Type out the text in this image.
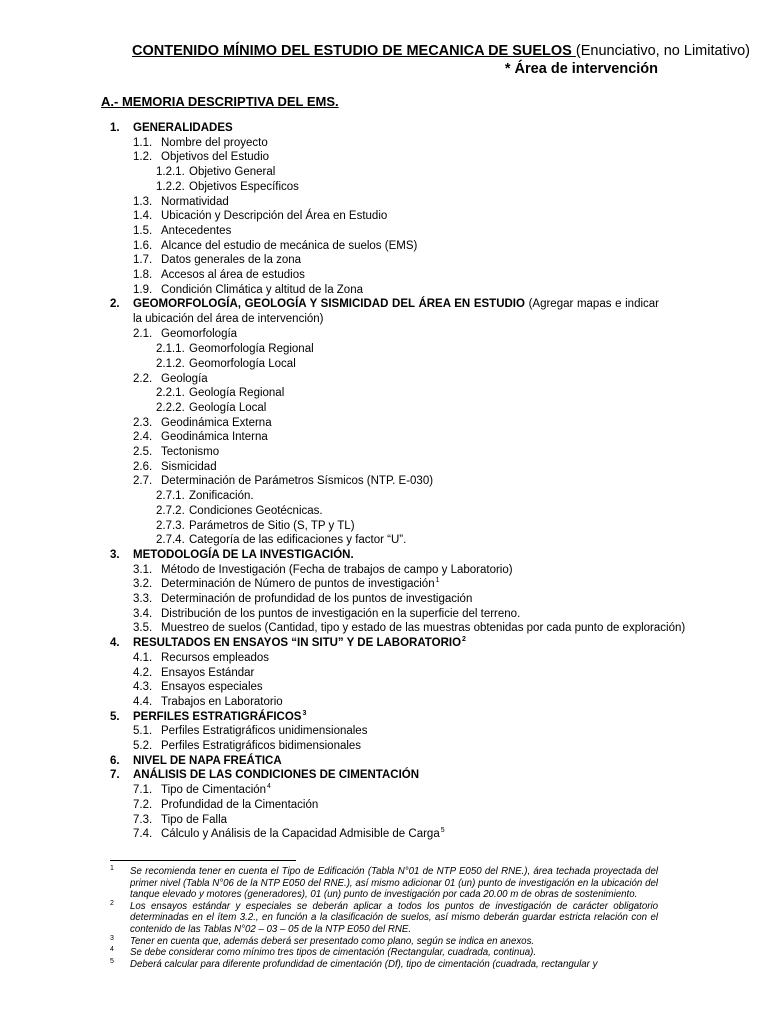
CONTENIDO MÍNIMO DEL ESTUDIO DE MECANICA DE SUELOS (Enunciativo, no Limitativo)
* Área de intervención
A.- MEMORIA DESCRIPTIVA DEL EMS.
1. GENERALIDADES
1.1. Nombre del proyecto
1.2. Objetivos del Estudio
1.2.1. Objetivo General
1.2.2. Objetivos Específicos
1.3. Normatividad
1.4. Ubicación y Descripción del Área en Estudio
1.5. Antecedentes
1.6. Alcance del estudio de mecánica de suelos (EMS)
1.7. Datos generales de la zona
1.8. Accesos al área de estudios
1.9. Condición Climática y altitud de la Zona
2. GEOMORFOLOGÍA, GEOLOGÍA Y SISMICIDAD DEL ÁREA EN ESTUDIO (Agregar mapas e indicar la ubicación del área de intervención)
2.1. Geomorfología
2.1.1. Geomorfología Regional
2.1.2. Geomorfología Local
2.2. Geología
2.2.1. Geología Regional
2.2.2. Geología Local
2.3. Geodinámica Externa
2.4. Geodinámica Interna
2.5. Tectonismo
2.6. Sismicidad
2.7. Determinación de Parámetros Sísmicos (NTP. E-030)
2.7.1. Zonificación.
2.7.2. Condiciones Geotécnicas.
2.7.3. Parámetros de Sitio (S, TP y TL)
2.7.4. Categoría de las edificaciones y factor “U”.
3. METODOLOGÍA DE LA INVESTIGACIÓN.
3.1. Método de Investigación (Fecha de trabajos de campo y Laboratorio)
3.2. Determinación de Número de puntos de investigación$^1$
3.3. Determinación de profundidad de los puntos de investigación
3.4. Distribución de los puntos de investigación en la superficie del terreno.
3.5. Muestreo de suelos (Cantidad, tipo y estado de las muestras obtenidas por cada punto de exploración)
4. RESULTADOS EN ENSAYOS “IN SITU” Y DE LABORATORIO$^2$
4.1. Recursos empleados
4.2. Ensayos Estándar
4.3. Ensayos especiales
4.4. Trabajos en Laboratorio
5. PERFILES ESTRATIGRÁFICOS$^3$
5.1. Perfiles Estratigráficos unidimensionales
5.2. Perfiles Estratigráficos bidimensionales
6. NIVEL DE NAPA FREÁTICA
7. ANÁLISIS DE LAS CONDICIONES DE CIMENTACIÓN
7.1. Tipo de Cimentación$^4$
7.2. Profundidad de la Cimentación
7.3. Tipo de Falla
7.4. Cálculo y Análisis de la Capacidad Admisible de Carga$^5$
1 Se recomienda tener en cuenta el Tipo de Edificación (Tabla N°01 de NTP E050 del RNE.), área techada proyectada del primer nivel (Tabla N°06 de la NTP E050 del RNE.), así mismo adicionar 01 (un) punto de investigación en la ubicación del tanque elevado y motores (generadores), 01 (un) punto de investigación por cada 20.00 m de obras de sostenimiento.
2 Los ensayos estándar y especiales se deberán aplicar a todos los puntos de investigación de carácter obligatorio determinadas en el ítem 3.2., en función a la clasificación de suelos, así mismo deberán guardar estricta relación con el contenido de las Tablas N°02 – 03 – 05 de la NTP E050 del RNE.
3 Tener en cuenta que, además deberá ser presentado como plano, según se indica en anexos.
4 Se debe considerar como mínimo tres tipos de cimentación (Rectangular, cuadrada, continua).
5 Deberá calcular para diferente profundidad de cimentación (Df), tipo de cimentación (cuadrada, rectangular y
